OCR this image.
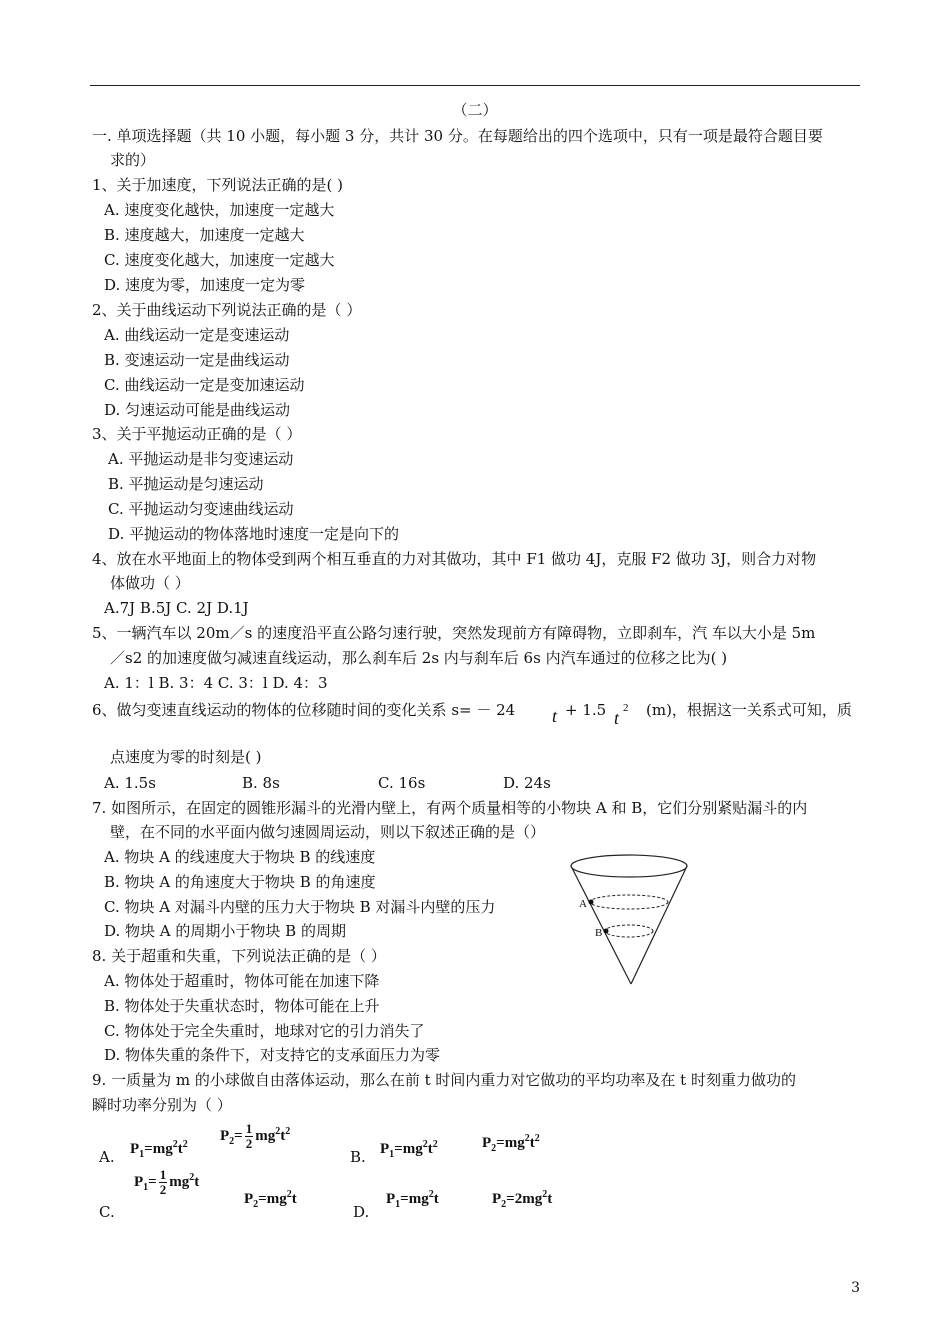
（二）
一. 单项选择题（共 10 小题，每小题 3 分，共计 30 分。在每题给出的四个选项中，只有一项是最符合题目要
求的）
1、关于加速度，下列说法正确的是( )
A. 速度变化越快，加速度一定越大
B. 速度越大，加速度一定越大
C. 速度变化越大，加速度一定越大
D. 速度为零，加速度一定为零
2、关于曲线运动下列说法正确的是（ ）
A. 曲线运动一定是变速运动
B. 变速运动一定是曲线运动
C. 曲线运动一定是变加速运动
D. 匀速运动可能是曲线运动
3、关于平抛运动正确的是（ ）
A. 平抛运动是非匀变速运动
B. 平抛运动是匀速运动
C. 平抛运动匀变速曲线运动
D. 平抛运动的物体落地时速度一定是向下的
4、放在水平地面上的物体受到两个相互垂直的力对其做功，其中 F1 做功 4J，克服 F2 做功 3J，则合力对物
体做功（ ）
A.7J B.5J C. 2J D.1J
5、一辆汽车以 20m／s 的速度沿平直公路匀速行驶，突然发现前方有障碍物，立即刹车，汽 车以大小是 5m
／s2 的加速度做匀减速直线运动，那么刹车后 2s 内与刹车后 6s 内汽车通过的位移之比为( )
A. 1：l B. 3：4 C. 3：l D. 4：3
6、做匀变速直线运动的物体的位移随时间的变化关系 s= － 24 t + 1.5 t 2 (m)，根据这一关系式可知，质
点速度为零的时刻是( )
A. 1.5s	B. 8s	C. 16s	D. 24s
7. 如图所示，在固定的圆锥形漏斗的光滑内壁上，有两个质量相等的小物块 A 和 B，它们分别紧贴漏斗的内
壁，在不同的水平面内做匀速圆周运动，则以下叙述正确的是（）
A. 物块 A 的线速度大于物块 B 的线速度
B. 物块 A 的角速度大于物块 B 的角速度
C. 物块 A 对漏斗内壁的压力大于物块 B 对漏斗内壁的压力
D. 物块 A 的周期小于物块 B 的周期
A
B
8. 关于超重和失重，下列说法正确的是（ ）
A. 物体处于超重时，物体可能在加速下降
B. 物体处于失重状态时，物体可能在上升
C. 物体处于完全失重时，地球对它的引力消失了
D. 物体失重的条件下，对支持它的支承面压力为零
9. 一质量为 m 的小球做自由落体运动，那么在前 t 时间内重力对它做功的平均功率及在 t 时刻重力做功的
瞬时功率分别为（ ）
A. $P_1=mg^2t^2$
$P_2= \frac{1}{2} mg^2t^2$
B. $P_1=mg^2t^2$	$P_2=mg^2t^2$
C.
$P_1= \frac{1}{2} mg^2t$
$P_2=mg^2t$
D.
$P_1=mg^2t$	$P_2=2mg^2t$
3
